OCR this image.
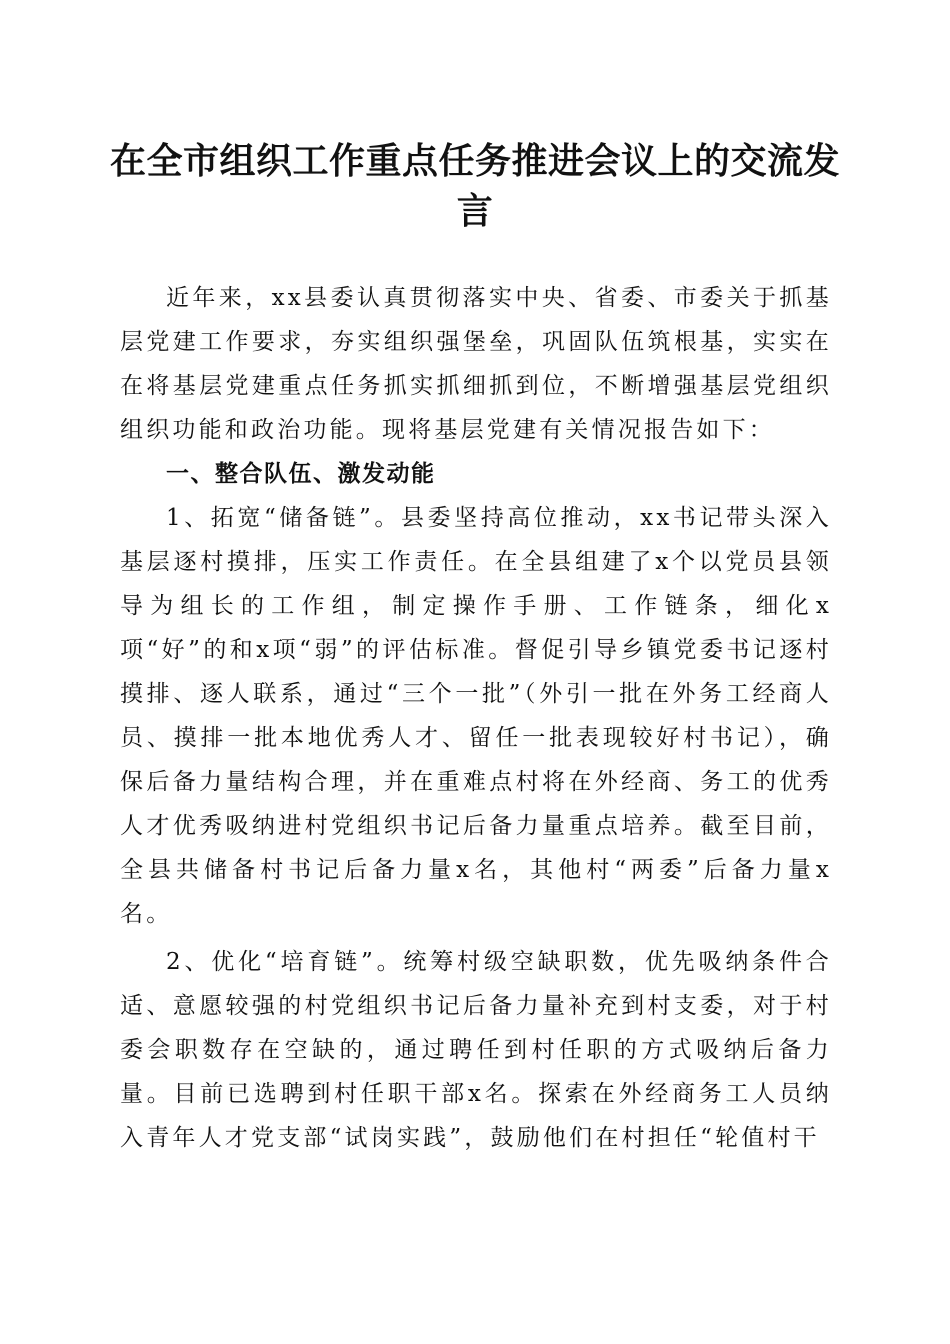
在全市组织工作重点任务推进会议上的交流发言

近年来，xx县委认真贯彻落实中央、省委、市委关于抓基层党建工作要求，夯实组织强堡垒，巩固队伍筑根基，实实在在将基层党建重点任务抓实抓细抓到位，不断增强基层党组织组织功能和政治功能。现将基层党建有关情况报告如下：

一、整合队伍、激发动能

1、拓宽“储备链”。县委坚持高位推动，xx书记带头深入基层逐村摸排，压实工作责任。在全县组建了x个以党员县领导为组长的工作组，制定操作手册、工作链条，细化x项“好”的和x项“弱”的评估标准。督促引导乡镇党委书记逐村摸排、逐人联系，通过“三个一批”（外引一批在外务工经商人员、摸排一批本地优秀人才、留任一批表现较好村书记），确保后备力量结构合理，并在重难点村将在外经商、务工的优秀人才优秀吸纳进村党组织书记后备力量重点培养。截至目前，全县共储备村书记后备力量x名，其他村“两委”后备力量x名。

2、优化“培育链”。统筹村级空缺职数，优先吸纳条件合适、意愿较强的村党组织书记后备力量补充到村支委，对于村委会职数存在空缺的，通过聘任到村任职的方式吸纳后备力量。目前已选聘到村任职干部x名。探索在外经商务工人员纳入青年人才党支部“试岗实践”，鼓励他们在村担任“轮值村干
